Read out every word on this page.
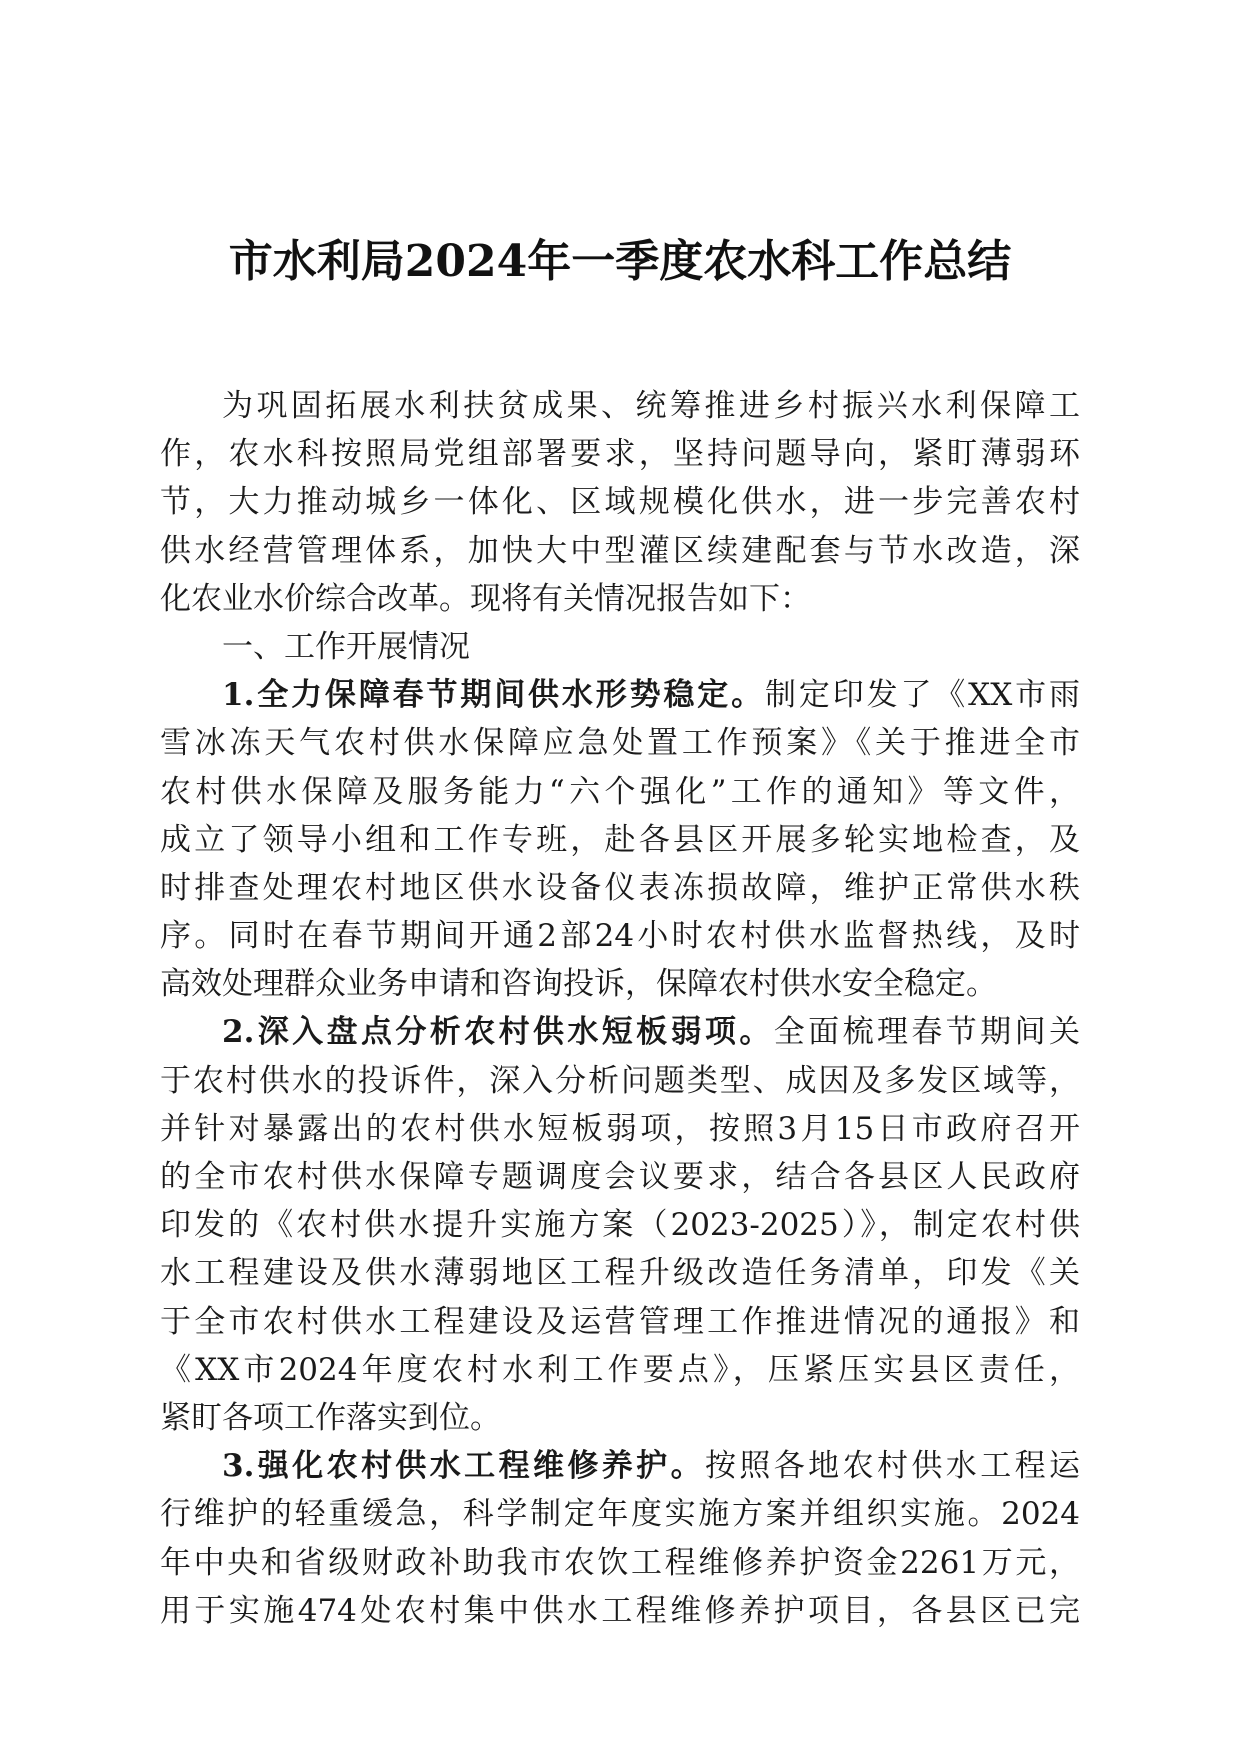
市水利局2024年一季度农水科工作总结
为巩固拓展水利扶贫成果、统筹推进乡村振兴水利保障工
作，农水科按照局党组部署要求，坚持问题导向，紧盯薄弱环
节，大力推动城乡一体化、区域规模化供水，进一步完善农村
供水经营管理体系，加快大中型灌区续建配套与节水改造，深
化农业水价综合改革。现将有关情况报告如下：
一、工作开展情况
1.全力保障春节期间供水形势稳定。制定印发了《XX市雨
雪冰冻天气农村供水保障应急处置工作预案》《关于推进全市
农村供水保障及服务能力“六个强化”工作的通知》等文件，
成立了领导小组和工作专班，赴各县区开展多轮实地检查，及
时排查处理农村地区供水设备仪表冻损故障，维护正常供水秩
序。同时在春节期间开通2部24小时农村供水监督热线，及时
高效处理群众业务申请和咨询投诉，保障农村供水安全稳定。
2.深入盘点分析农村供水短板弱项。全面梳理春节期间关
于农村供水的投诉件，深入分析问题类型、成因及多发区域等，
并针对暴露出的农村供水短板弱项，按照3月15日市政府召开
的全市农村供水保障专题调度会议要求，结合各县区人民政府
印发的《农村供水提升实施方案（2023-2025）》，制定农村供
水工程建设及供水薄弱地区工程升级改造任务清单，印发《关
于全市农村供水工程建设及运营管理工作推进情况的通报》和
《XX市2024年度农村水利工作要点》，压紧压实县区责任，
紧盯各项工作落实到位。
3.强化农村供水工程维修养护。按照各地农村供水工程运
行维护的轻重缓急，科学制定年度实施方案并组织实施。2024
年中央和省级财政补助我市农饮工程维修养护资金2261万元，
用于实施474处农村集中供水工程维修养护项目，各县区已完
